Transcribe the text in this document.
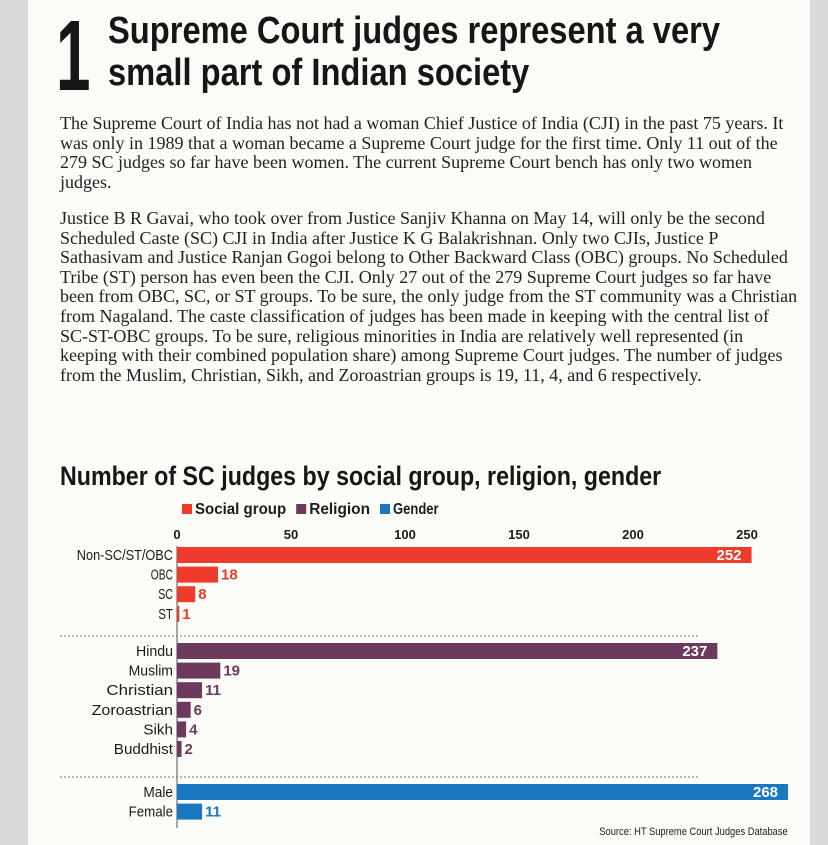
1 Supreme Court judges represent a very
small part of Indian society

The Supreme Court of India has not had a woman Chief Justice of India (CJI) in the past 75 years. It was only in 1989 that a woman became a Supreme Court judge for the first time. Only 11 out of the 279 SC judges so far have been women. The current Supreme Court bench has only two women judges.

Justice B R Gavai, who took over from Justice Sanjiv Khanna on May 14, will only be the second Scheduled Caste (SC) CJI in India after Justice K G Balakrishnan. Only two CJIs, Justice P Sathasivam and Justice Ranjan Gogoi belong to Other Backward Class (OBC) groups. No Scheduled Tribe (ST) person has even been the CJI. Only 27 out of the 279 Supreme Court judges so far have been from OBC, SC, or ST groups. To be sure, the only judge from the ST community was a Christian from Nagaland. The caste classification of judges has been made in keeping with the central list of SC-ST-OBC groups. To be sure, religious minorities in India are relatively well represented (in keeping with their combined population share) among Supreme Court judges. The number of judges from the Muslim, Christian, Sikh, and Zoroastrian groups is 19, 11, 4, and 6 respectively.

Number of SC judges by social group, religion, gender
Social group Religion Gender
0	50	100	150	200	250
Non-SC/ST/OBC	252
OBC	18
SC 8
ST 1
Hindu	237
Muslim	19
Christian 11
Zoroastrian 6
Sikh 4
Buddhist 2
Male	268
Female 11
Source: HT Supreme Court Judges Database
